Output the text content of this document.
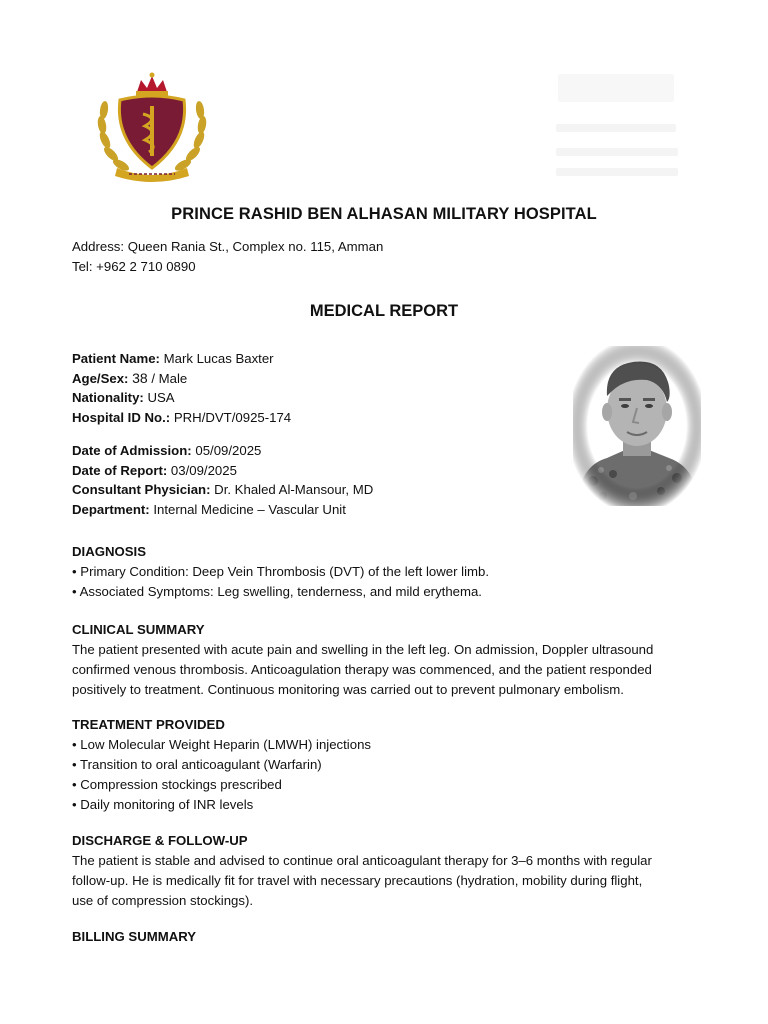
PRINCE RASHID BEN ALHASAN MILITARY HOSPITAL
Address: Queen Rania St., Complex no. 115, Amman
Tel: +962 2 710 0890
MEDICAL REPORT
Patient Name: Mark Lucas Baxter
Age/Sex: 38 / Male
Nationality: USA
Hospital ID No.: PRH/DVT/0925-174
Date of Admission: 05/09/2025
Date of Report: 03/09/2025
Consultant Physician: Dr. Khaled Al-Mansour, MD
Department: Internal Medicine – Vascular Unit
DIAGNOSIS
• Primary Condition: Deep Vein Thrombosis (DVT) of the left lower limb.
• Associated Symptoms: Leg swelling, tenderness, and mild erythema.
CLINICAL SUMMARY

The patient presented with acute pain and swelling in the left leg. On admission, Doppler ultrasound

confirmed venous thrombosis. Anticoagulation therapy was commenced, and the patient responded

positively to treatment. Continuous monitoring was carried out to prevent pulmonary embolism.

TREATMENT PROVIDED
• Low Molecular Weight Heparin (LMWH) injections
• Transition to oral anticoagulant (Warfarin)
• Compression stockings prescribed
• Daily monitoring of INR levels
DISCHARGE & FOLLOW-UP

The patient is stable and advised to continue oral anticoagulant therapy for 3–6 months with regular

follow-up. He is medically fit for travel with necessary precautions (hydration, mobility during flight,

use of compression stockings).

BILLING SUMMARY
